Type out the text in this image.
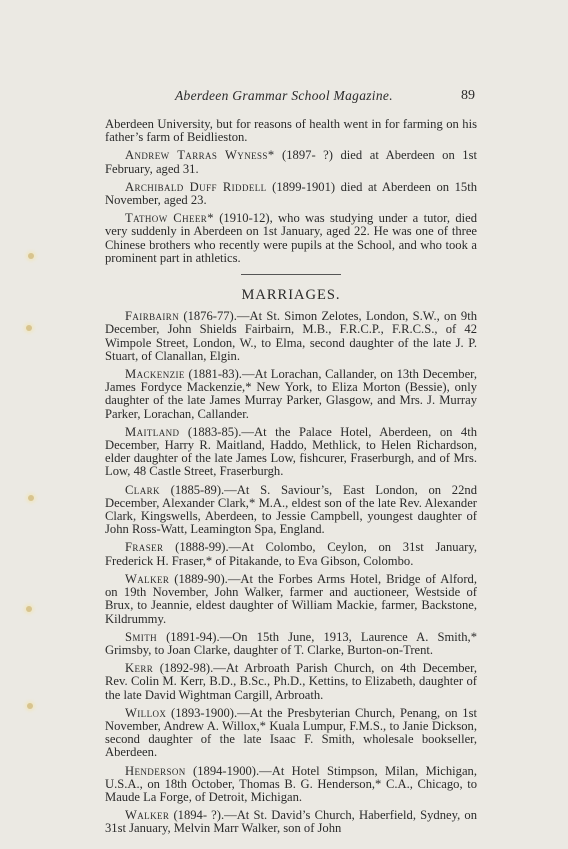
Aberdeen Grammar School Magazine.	89

Aberdeen University, but for reasons of health went in for farming on his father’s farm of Beidlieston.

Andrew Tarras Wyness* (1897- ?) died at Aberdeen on 1st February, aged 31.

Archibald Duff Riddell (1899-1901) died at Aberdeen on 15th November, aged 23.

Tathow Cheer* (1910-12), who was studying under a tutor, died very suddenly in Aberdeen on 1st January, aged 22. He was one of three Chinese brothers who recently were pupils at the School, and who took a prominent part in athletics.

MARRIAGES.

Fairbairn (1876-77).—At St. Simon Zelotes, London, S.W., on 9th December, John Shields Fairbairn, M.B., F.R.C.P., F.R.C.S., of 42 Wimpole Street, London, W., to Elma, second daughter of the late J. P. Stuart, of Clanallan, Elgin.

Mackenzie (1881-83).—At Lorachan, Callander, on 13th December, James Fordyce Mackenzie,* New York, to Eliza Morton (Bessie), only daughter of the late James Murray Parker, Glasgow, and Mrs. J. Murray Parker, Lorachan, Callander.

Maitland (1883-85).—At the Palace Hotel, Aberdeen, on 4th December, Harry R. Maitland, Haddo, Methlick, to Helen Richardson, elder daughter of the late James Low, fishcurer, Fraserburgh, and of Mrs. Low, 48 Castle Street, Fraserburgh.

Clark (1885-89).—At S. Saviour’s, East London, on 22nd December, Alexander Clark,* M.A., eldest son of the late Rev. Alexander Clark, Kingswells, Aberdeen, to Jessie Campbell, youngest daughter of John Ross-Watt, Leamington Spa, England.

Fraser (1888-99).—At Colombo, Ceylon, on 31st January, Frederick H. Fraser,* of Pitakande, to Eva Gibson, Colombo.

Walker (1889-90).—At the Forbes Arms Hotel, Bridge of Alford, on 19th November, John Walker, farmer and auctioneer, Westside of Brux, to Jeannie, eldest daughter of William Mackie, farmer, Backstone, Kildrummy.

Smith (1891-94).—On 15th June, 1913, Laurence A. Smith,* Grimsby, to Joan Clarke, daughter of T. Clarke, Burton-on-Trent.

Kerr (1892-98).—At Arbroath Parish Church, on 4th December, Rev. Colin M. Kerr, B.D., B.Sc., Ph.D., Kettins, to Elizabeth, daughter of the late David Wightman Cargill, Arbroath.

Willox (1893-1900).—At the Presbyterian Church, Penang, on 1st November, Andrew A. Willox,* Kuala Lumpur, F.M.S., to Janie Dickson, second daughter of the late Isaac F. Smith, wholesale bookseller, Aberdeen.

Henderson (1894-1900).—At Hotel Stimpson, Milan, Michigan, U.S.A., on 18th October, Thomas B. G. Henderson,* C.A., Chicago, to Maude La Forge, of Detroit, Michigan.

Walker (1894- ?).—At St. David’s Church, Haberfield, Sydney, on 31st January, Melvin Marr Walker, son of John
